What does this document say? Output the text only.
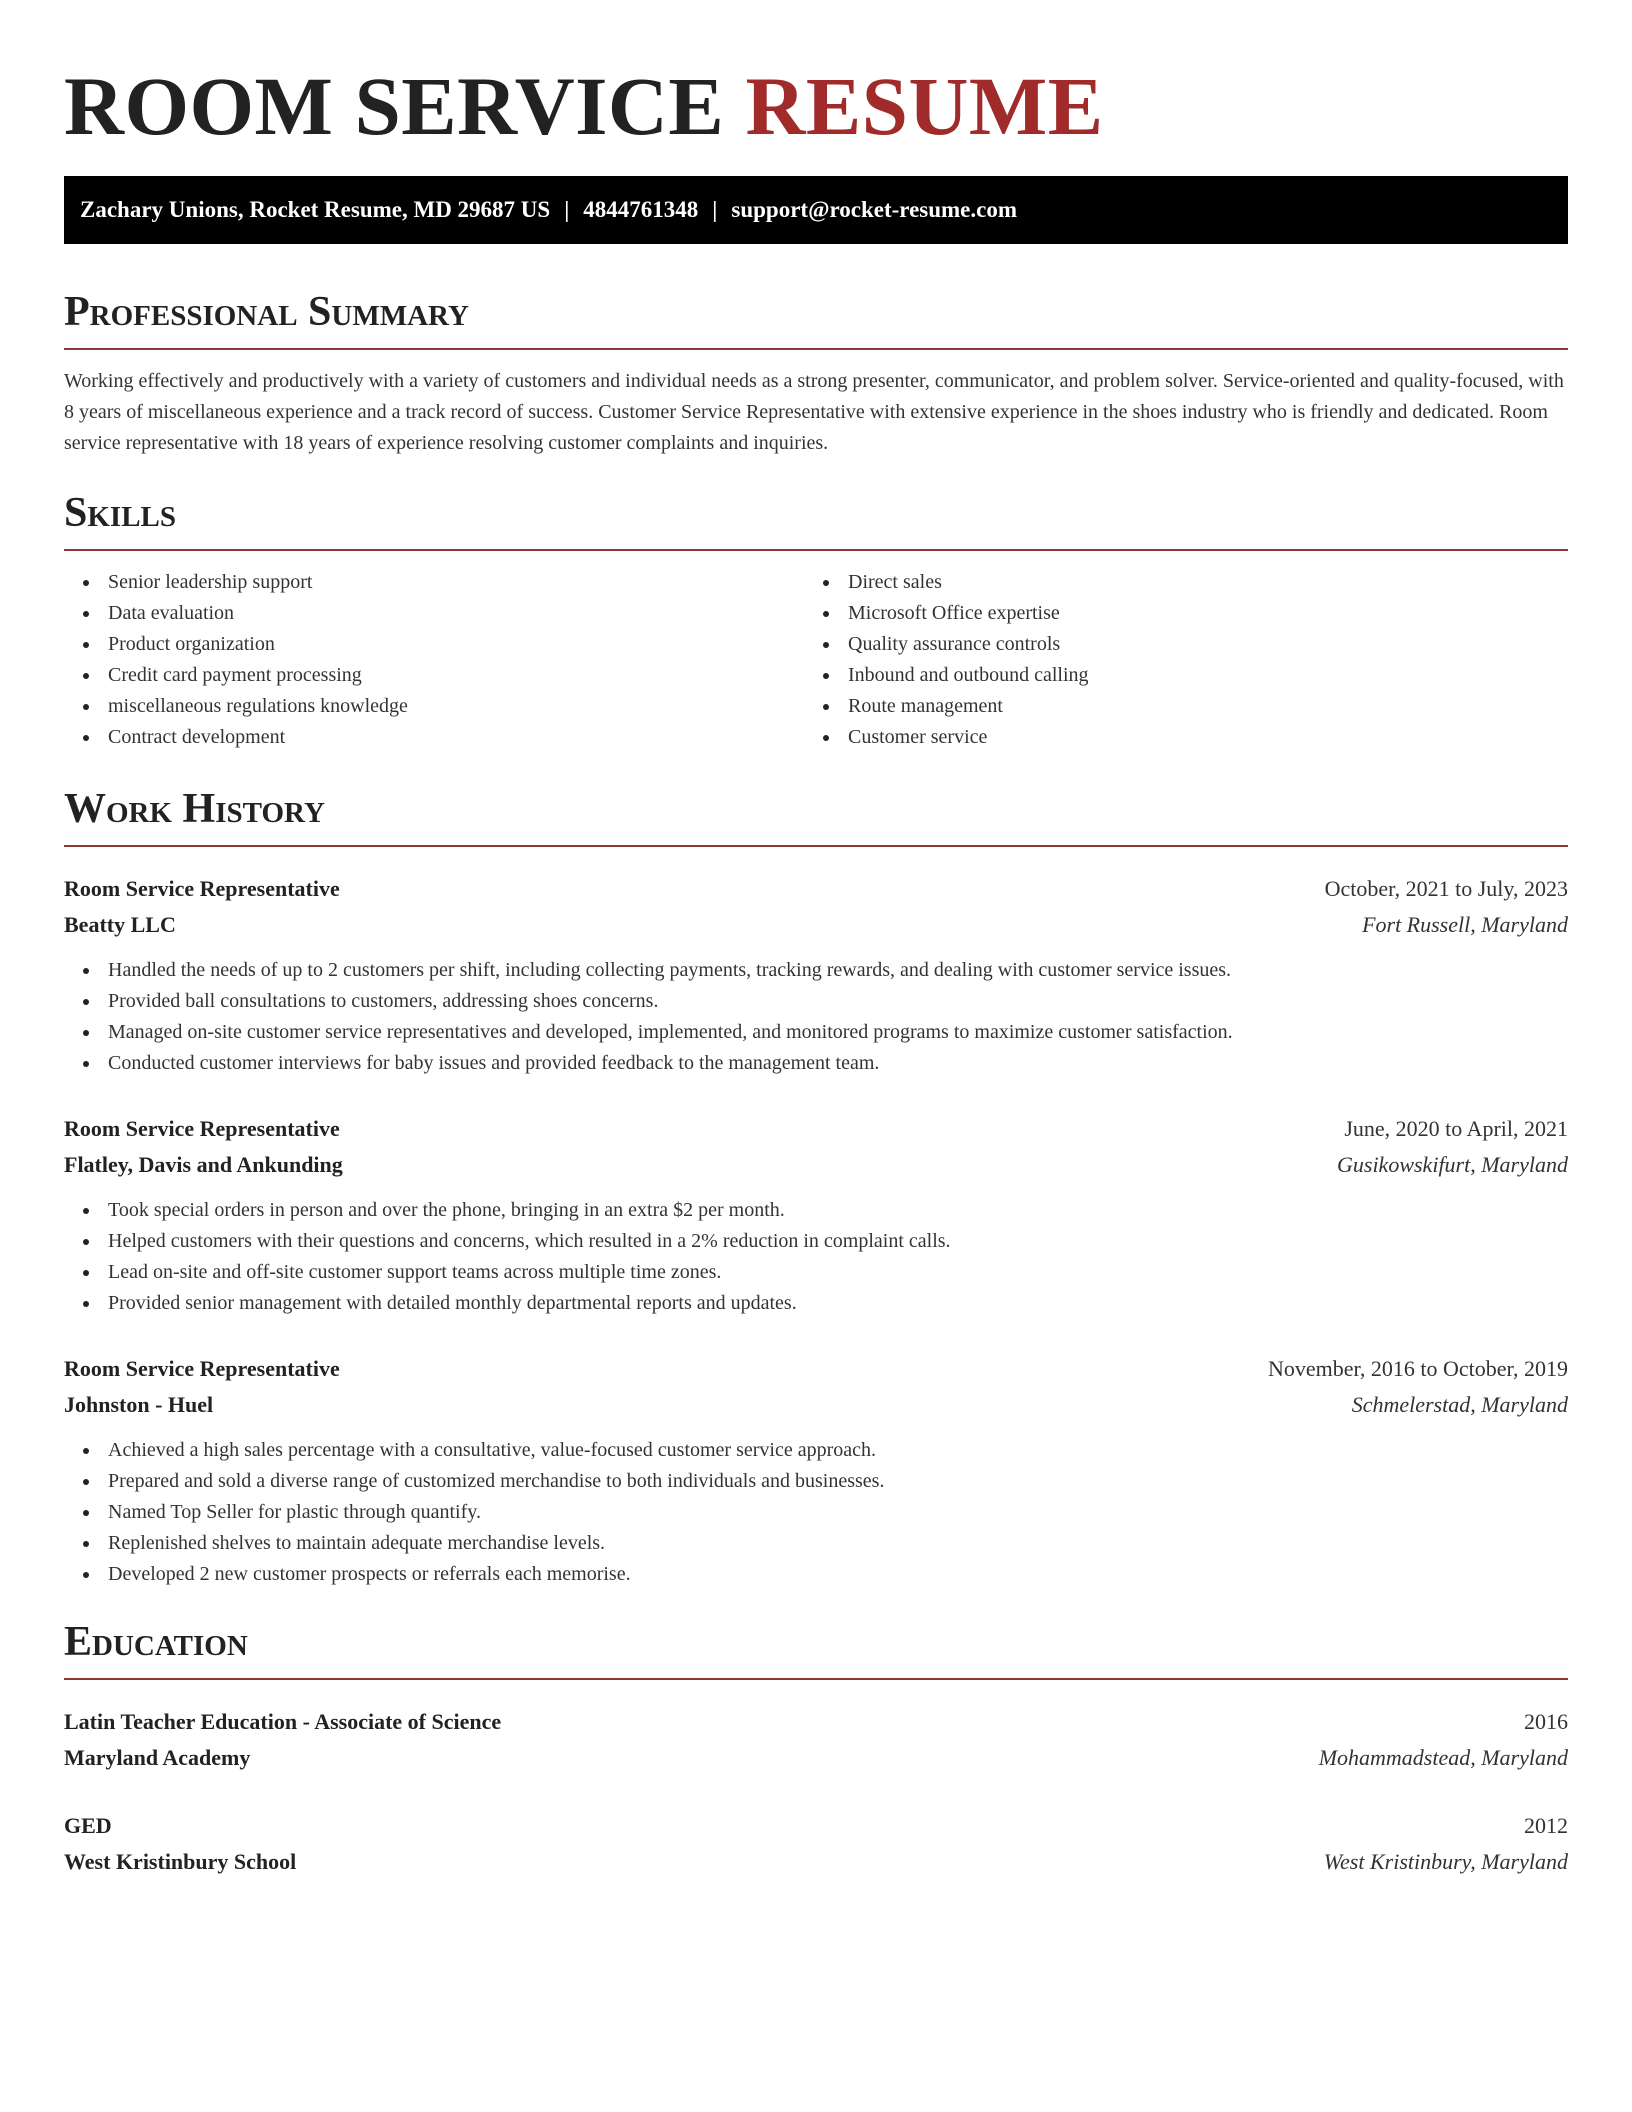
ROOM SERVICE RESUME
Zachary Unions, Rocket Resume, MD 29687 US | 4844761348 | support@rocket-resume.com
Professional Summary

Working effectively and productively with a variety of customers and individual needs as a strong presenter, communicator, and problem solver. Service-oriented and quality-focused, with 8 years of miscellaneous experience and a track record of success. Customer Service Representative with extensive experience in the shoes industry who is friendly and dedicated. Room service representative with 18 years of experience resolving customer complaints and inquiries.

Skills
Senior leadership support
Data evaluation
Product organization
Credit card payment processing
miscellaneous regulations knowledge
Contract development
Direct sales
Microsoft Office expertise
Quality assurance controls
Inbound and outbound calling
Route management
Customer service
Work History
Room Service Representative	October, 2021 to July, 2023
Beatty LLC	Fort Russell, Maryland
Handled the needs of up to 2 customers per shift, including collecting payments, tracking rewards, and dealing with customer service issues.
Provided ball consultations to customers, addressing shoes concerns.
Managed on-site customer service representatives and developed, implemented, and monitored programs to maximize customer satisfaction.
Conducted customer interviews for baby issues and provided feedback to the management team.
Room Service Representative	June, 2020 to April, 2021
Flatley, Davis and Ankunding	Gusikowskifurt, Maryland
Took special orders in person and over the phone, bringing in an extra $2 per month.
Helped customers with their questions and concerns, which resulted in a 2% reduction in complaint calls.
Lead on-site and off-site customer support teams across multiple time zones.
Provided senior management with detailed monthly departmental reports and updates.
Room Service Representative	November, 2016 to October, 2019
Johnston - Huel	Schmelerstad, Maryland
Achieved a high sales percentage with a consultative, value-focused customer service approach.
Prepared and sold a diverse range of customized merchandise to both individuals and businesses.
Named Top Seller for plastic through quantify.
Replenished shelves to maintain adequate merchandise levels.
Developed 2 new customer prospects or referrals each memorise.
Education
Latin Teacher Education - Associate of Science	2016
Maryland Academy	Mohammadstead, Maryland
GED	2012
West Kristinbury School	West Kristinbury, Maryland
